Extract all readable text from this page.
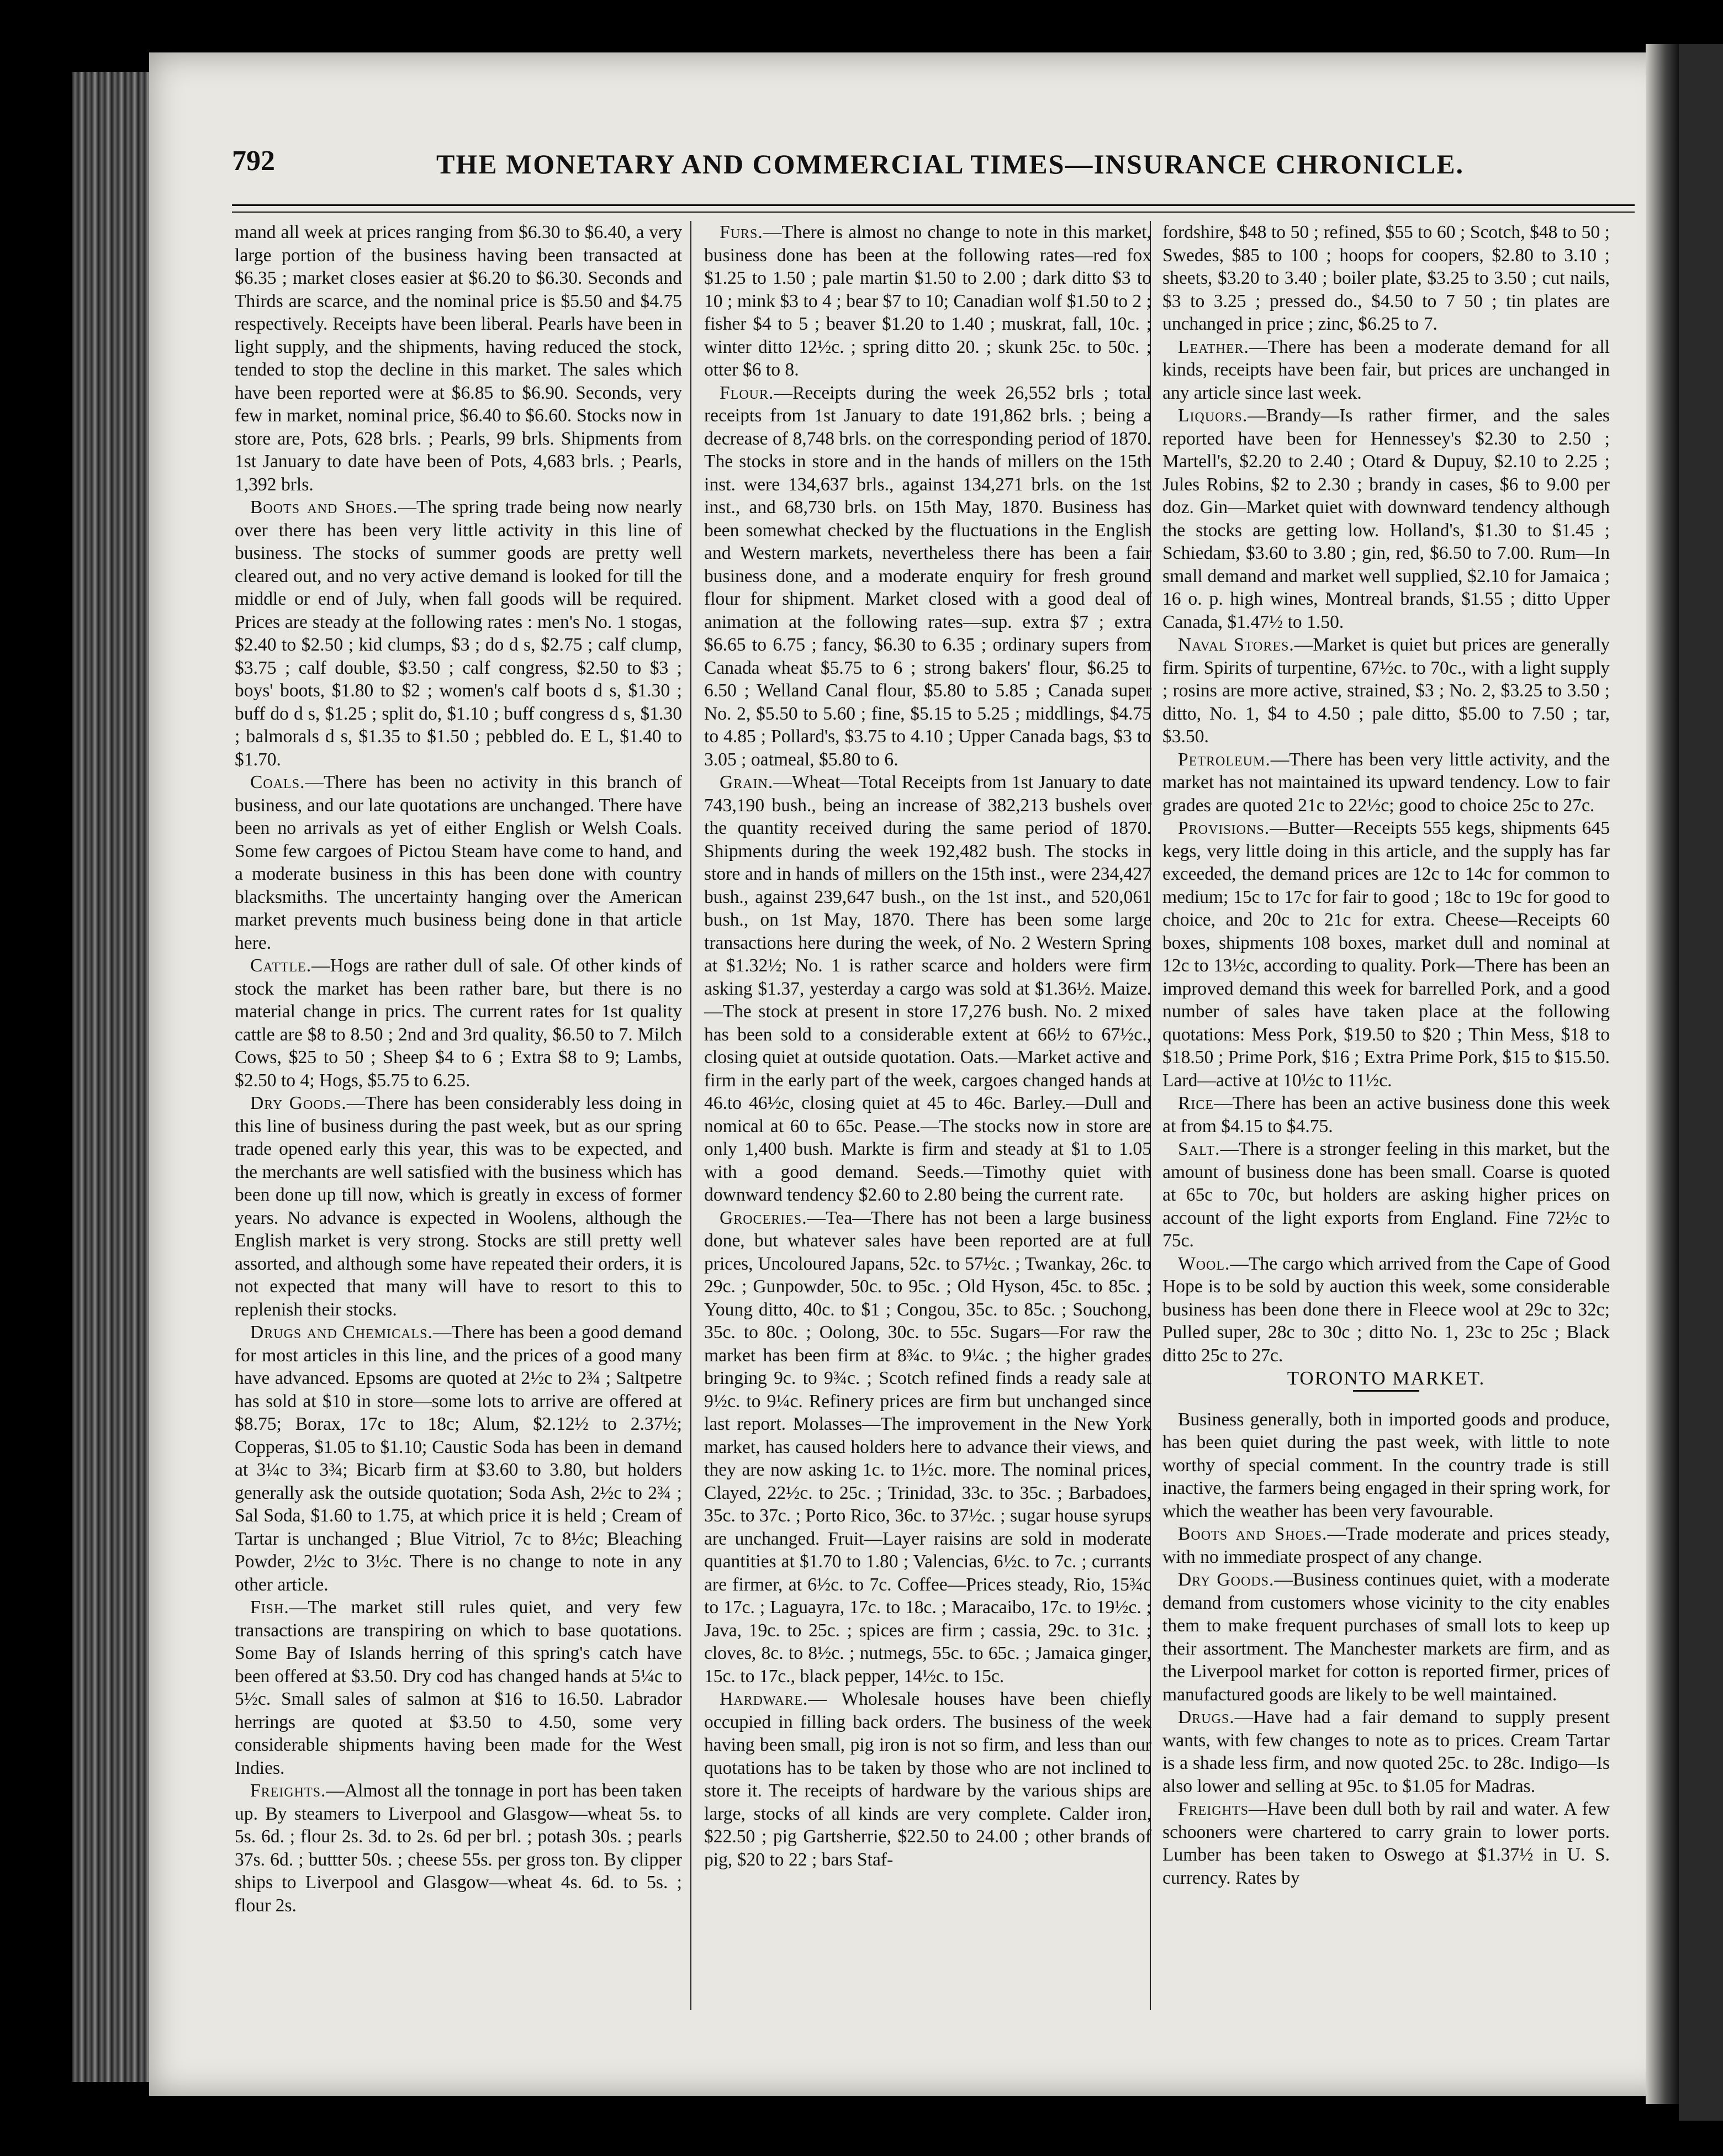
792	THE MONETARY AND COMMERCIAL TIMES—INSURANCE CHRONICLE.

mand all week at prices ranging from $6.30 to $6.40, a very large portion of the business having been transacted at $6.35 ; market closes easier at $6.20 to $6.30. Seconds and Thirds are scarce, and the nominal price is $5.50 and $4.75 respectively. Receipts have been liberal. Pearls have been in light supply, and the shipments, having reduced the stock, tended to stop the decline in this market. The sales which have been reported were at $6.85 to $6.90. Seconds, very few in market, nominal price, $6.40 to $6.60. Stocks now in store are, Pots, 628 brls. ; Pearls, 99 brls. Shipments from 1st January to date have been of Pots, 4,683 brls. ; Pearls, 1,392 brls.

Boots and Shoes.—The spring trade being now nearly over there has been very little activity in this line of business. The stocks of summer goods are pretty well cleared out, and no very active demand is looked for till the middle or end of July, when fall goods will be required. Prices are steady at the following rates : men's No. 1 stogas, $2.40 to $2.50 ; kid clumps, $3 ; do d s, $2.75 ; calf clump, $3.75 ; calf double, $3.50 ; calf congress, $2.50 to $3 ; boys' boots, $1.80 to $2 ; women's calf boots d s, $1.30 ; buff do d s, $1.25 ; split do, $1.10 ; buff congress d s, $1.30 ; balmorals d s, $1.35 to $1.50 ; pebbled do. E L, $1.40 to $1.70.

Coals.—There has been no activity in this branch of business, and our late quotations are unchanged. There have been no arrivals as yet of either English or Welsh Coals. Some few cargoes of Pictou Steam have come to hand, and a moderate business in this has been done with country blacksmiths. The uncertainty hanging over the American market prevents much business being done in that article here.

Cattle.—Hogs are rather dull of sale. Of other kinds of stock the market has been rather bare, but there is no material change in prics. The current rates for 1st quality cattle are $8 to 8.50 ; 2nd and 3rd quality, $6.50 to 7. Milch Cows, $25 to 50 ; Sheep $4 to 6 ; Extra $8 to 9; Lambs, $2.50 to 4; Hogs, $5.75 to 6.25.

Dry Goods.—There has been considerably less doing in this line of business during the past week, but as our spring trade opened early this year, this was to be expected, and the merchants are well satisfied with the business which has been done up till now, which is greatly in excess of former years. No advance is expected in Woolens, although the English market is very strong. Stocks are still pretty well assorted, and although some have repeated their orders, it is not expected that many will have to resort to this to replenish their stocks.

Drugs and Chemicals.—There has been a good demand for most articles in this line, and the prices of a good many have advanced. Epsoms are quoted at 2½c to 2¾ ; Saltpetre has sold at $10 in store—some lots to arrive are offered at $8.75; Borax, 17c to 18c; Alum, $2.12½ to 2.37½; Copperas, $1.05 to $1.10; Caustic Soda has been in demand at 3¼c to 3¾; Bicarb firm at $3.60 to 3.80, but holders generally ask the outside quotation; Soda Ash, 2½c to 2¾ ; Sal Soda, $1.60 to 1.75, at which price it is held ; Cream of Tartar is unchanged ; Blue Vitriol, 7c to 8½c; Bleaching Powder, 2½c to 3½c. There is no change to note in any other article.

Fish.—The market still rules quiet, and very few transactions are transpiring on which to base quotations. Some Bay of Islands herring of this spring's catch have been offered at $3.50. Dry cod has changed hands at 5¼c to 5½c. Small sales of salmon at $16 to 16.50. Labrador herrings are quoted at $3.50 to 4.50, some very considerable shipments having been made for the West Indies.

Freights.—Almost all the tonnage in port has been taken up. By steamers to Liverpool and Glasgow—wheat 5s. to 5s. 6d. ; flour 2s. 3d. to 2s. 6d per brl. ; potash 30s. ; pearls 37s. 6d. ; buttter 50s. ; cheese 55s. per gross ton. By clipper ships to Liverpool and Glasgow—wheat 4s. 6d. to 5s. ; flour 2s.

Furs.—There is almost no change to note in this market, business done has been at the following rates—red fox $1.25 to 1.50 ; pale martin $1.50 to 2.00 ; dark ditto $3 to 10 ; mink $3 to 4 ; bear $7 to 10; Canadian wolf $1.50 to 2 ; fisher $4 to 5 ; beaver $1.20 to 1.40 ; muskrat, fall, 10c. ; winter ditto 12½c. ; spring ditto 20. ; skunk 25c. to 50c. ; otter $6 to 8.

Flour.—Receipts during the week 26,552 brls ; total receipts from 1st January to date 191,862 brls. ; being a decrease of 8,748 brls. on the corresponding period of 1870. The stocks in store and in the hands of millers on the 15th inst. were 134,637 brls., against 134,271 brls. on the 1st inst., and 68,730 brls. on 15th May, 1870. Business has been somewhat checked by the fluctuations in the English and Western markets, nevertheless there has been a fair business done, and a moderate enquiry for fresh ground flour for shipment. Market closed with a good deal of animation at the following rates—sup. extra $7 ; extra $6.65 to 6.75 ; fancy, $6.30 to 6.35 ; ordinary supers from Canada wheat $5.75 to 6 ; strong bakers' flour, $6.25 to 6.50 ; Welland Canal flour, $5.80 to 5.85 ; Canada super No. 2, $5.50 to 5.60 ; fine, $5.15 to 5.25 ; middlings, $4.75 to 4.85 ; Pollard's, $3.75 to 4.10 ; Upper Canada bags, $3 to 3.05 ; oatmeal, $5.80 to 6.

Grain.—Wheat—Total Receipts from 1st January to date 743,190 bush., being an increase of 382,213 bushels over the quantity received during the same period of 1870. Shipments during the week 192,482 bush. The stocks in store and in hands of millers on the 15th inst., were 234,427 bush., against 239,647 bush., on the 1st inst., and 520,061 bush., on 1st May, 1870. There has been some large transactions here during the week, of No. 2 Western Spring at $1.32½; No. 1 is rather scarce and holders were firm asking $1.37, yesterday a cargo was sold at $1.36½. Maize.—The stock at present in store 17,276 bush. No. 2 mixed has been sold to a considerable extent at 66½ to 67½c., closing quiet at outside quotation. Oats.—Market active and firm in the early part of the week, cargoes changed hands at 46.to 46½c, closing quiet at 45 to 46c. Barley.—Dull and nomical at 60 to 65c. Pease.—The stocks now in store are only 1,400 bush. Markte is firm and steady at $1 to 1.05 with a good demand. Seeds.—Timothy quiet with downward tendency $2.60 to 2.80 being the current rate.

Groceries.—Tea—There has not been a large business done, but whatever sales have been reported are at full prices, Uncoloured Japans, 52c. to 57½c. ; Twankay, 26c. to 29c. ; Gunpowder, 50c. to 95c. ; Old Hyson, 45c. to 85c. ; Young ditto, 40c. to $1 ; Congou, 35c. to 85c. ; Souchong, 35c. to 80c. ; Oolong, 30c. to 55c. Sugars—For raw the market has been firm at 8¾c. to 9¼c. ; the higher grades bringing 9c. to 9¾c. ; Scotch refined finds a ready sale at 9½c. to 9¼c. Refinery prices are firm but unchanged since last report. Molasses—The improvement in the New York market, has caused holders here to advance their views, and they are now asking 1c. to 1½c. more. The nominal prices, Clayed, 22½c. to 25c. ; Trinidad, 33c. to 35c. ; Barbadoes, 35c. to 37c. ; Porto Rico, 36c. to 37½c. ; sugar house syrups are unchanged. Fruit—Layer raisins are sold in moderate quantities at $1.70 to 1.80 ; Valencias, 6½c. to 7c. ; currants are firmer, at 6½c. to 7c. Coffee—Prices steady, Rio, 15¾c to 17c. ; Laguayra, 17c. to 18c. ; Maracaibo, 17c. to 19½c. ; Java, 19c. to 25c. ; spices are firm ; cassia, 29c. to 31c. ; cloves, 8c. to 8½c. ; nutmegs, 55c. to 65c. ; Jamaica ginger, 15c. to 17c., black pepper, 14½c. to 15c.

Hardware.— Wholesale houses have been chiefly occupied in filling back orders. The business of the week having been small, pig iron is not so firm, and less than our quotations has to be taken by those who are not inclined to store it. The receipts of hardware by the various ships are large, stocks of all kinds are very complete. Calder iron, $22.50 ; pig Gartsherrie, $22.50 to 24.00 ; other brands of pig, $20 to 22 ; bars Staf-

fordshire, $48 to 50 ; refined, $55 to 60 ; Scotch, $48 to 50 ; Swedes, $85 to 100 ; hoops for coopers, $2.80 to 3.10 ; sheets, $3.20 to 3.40 ; boiler plate, $3.25 to 3.50 ; cut nails, $3 to 3.25 ; pressed do., $4.50 to 7 50 ; tin plates are unchanged in price ; zinc, $6.25 to 7.

Leather.—There has been a moderate demand for all kinds, receipts have been fair, but prices are unchanged in any article since last week.

Liquors.—Brandy—Is rather firmer, and the sales reported have been for Hennessey's $2.30 to 2.50 ; Martell's, $2.20 to 2.40 ; Otard & Dupuy, $2.10 to 2.25 ; Jules Robins, $2 to 2.30 ; brandy in cases, $6 to 9.00 per doz. Gin—Market quiet with downward tendency although the stocks are getting low. Holland's, $1.30 to $1.45 ; Schiedam, $3.60 to 3.80 ; gin, red, $6.50 to 7.00. Rum—In small demand and market well supplied, $2.10 for Jamaica ; 16 o. p. high wines, Montreal brands, $1.55 ; ditto Upper Canada, $1.47½ to 1.50.

Naval Stores.—Market is quiet but prices are generally firm. Spirits of turpentine, 67½c. to 70c., with a light supply ; rosins are more active, strained, $3 ; No. 2, $3.25 to 3.50 ; ditto, No. 1, $4 to 4.50 ; pale ditto, $5.00 to 7.50 ; tar, $3.50.

Petroleum.—There has been very little activity, and the market has not maintained its upward tendency. Low to fair grades are quoted 21c to 22½c; good to choice 25c to 27c.

Provisions.—Butter—Receipts 555 kegs, shipments 645 kegs, very little doing in this article, and the supply has far exceeded, the demand prices are 12c to 14c for common to medium; 15c to 17c for fair to good ; 18c to 19c for good to choice, and 20c to 21c for extra. Cheese—Receipts 60 boxes, shipments 108 boxes, market dull and nominal at 12c to 13½c, according to quality. Pork—There has been an improved demand this week for barrelled Pork, and a good number of sales have taken place at the following quotations: Mess Pork, $19.50 to $20 ; Thin Mess, $18 to $18.50 ; Prime Pork, $16 ; Extra Prime Pork, $15 to $15.50. Lard—active at 10½c to 11½c.

Rice—There has been an active business done this week at from $4.15 to $4.75.

Salt.—There is a stronger feeling in this market, but the amount of business done has been small. Coarse is quoted at 65c to 70c, but holders are asking higher prices on account of the light exports from England. Fine 72½c to 75c.

Wool.—The cargo which arrived from the Cape of Good Hope is to be sold by auction this week, some considerable business has been done there in Fleece wool at 29c to 32c; Pulled super, 28c to 30c ; ditto No. 1, 23c to 25c ; Black ditto 25c to 27c.

TORONTO MARKET.

Business generally, both in imported goods and produce, has been quiet during the past week, with little to note worthy of special comment. In the country trade is still inactive, the farmers being engaged in their spring work, for which the weather has been very favourable.

Boots and Shoes.—Trade moderate and prices steady, with no immediate prospect of any change.

Dry Goods.—Business continues quiet, with a moderate demand from customers whose vicinity to the city enables them to make frequent purchases of small lots to keep up their assortment. The Manchester markets are firm, and as the Liverpool market for cotton is reported firmer, prices of manufactured goods are likely to be well maintained.

Drugs.—Have had a fair demand to supply present wants, with few changes to note as to prices. Cream Tartar is a shade less firm, and now quoted 25c. to 28c. Indigo—Is also lower and selling at 95c. to $1.05 for Madras.

Freights—Have been dull both by rail and water. A few schooners were chartered to carry grain to lower ports. Lumber has been taken to Oswego at $1.37½ in U. S. currency. Rates by
